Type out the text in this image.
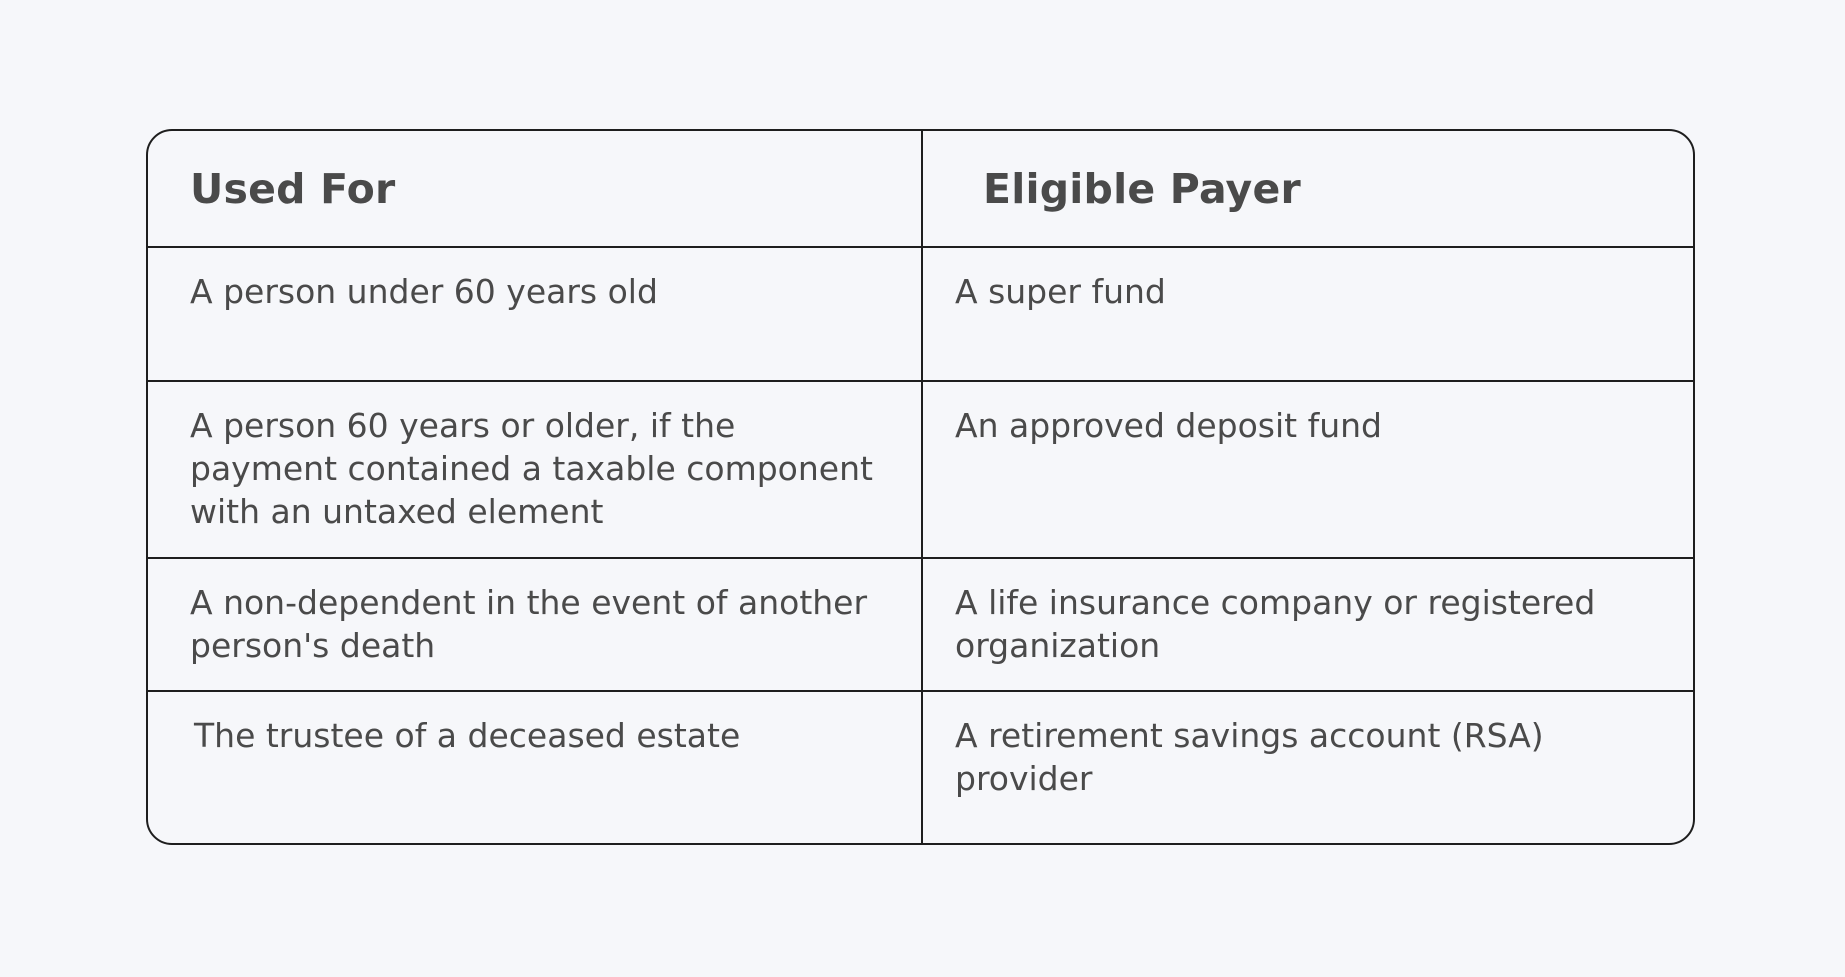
Used For	Eligible Payer

A person under 60 years old	A super fund

A person 60 years or older, if the payment contained a taxable component with an untaxed element	An approved deposit fund

A non-dependent in the event of another person's death	A life insurance company or registered organization

The trustee of a deceased estate	A retirement savings account (RSA) provider
